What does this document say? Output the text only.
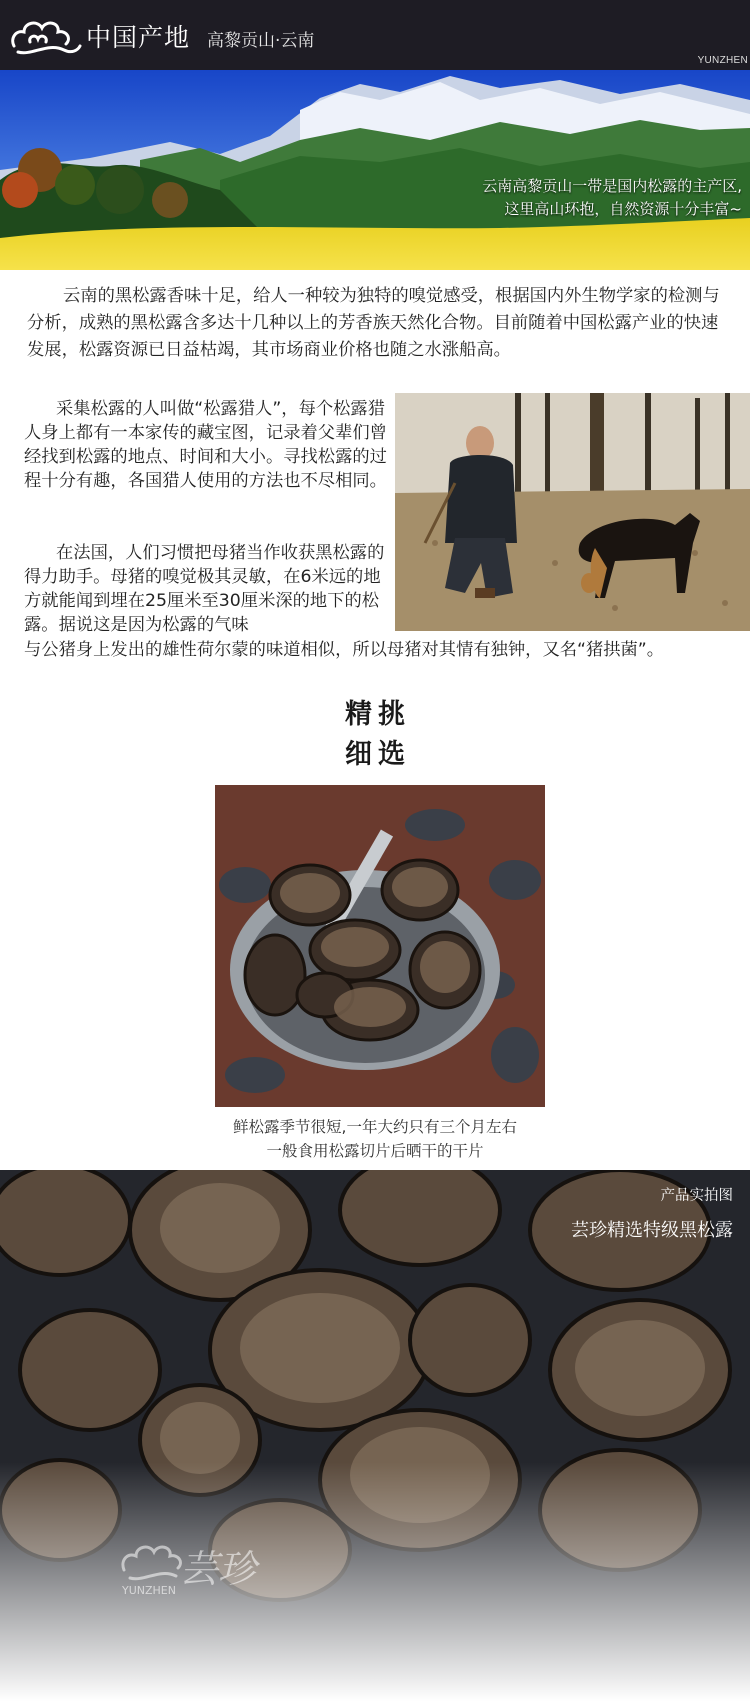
中国产地 高黎贡山·云南
YUNZHEN
云南高黎贡山一带是国内松露的主产区,
这里高山环抱，自然资源十分丰富~

云南的黑松露香味十足，给人一种较为独特的嗅觉感受，根据国内外生物学家的检测与分析，成熟的黑松露含多达十几种以上的芳香族天然化合物。目前随着中国松露产业的快速发展，松露资源已日益枯竭，其市场商业价格也随之水涨船高。

采集松露的人叫做“松露猎人”，每个松露猎人身上都有一本家传的藏宝图，记录着父辈们曾经找到松露的地点、时间和大小。寻找松露的过程十分有趣，各国猎人使用的方法也不尽相同。

在法国，人们习惯把母猪当作收获黑松露的得力助手。母猪的嗅觉极其灵敏，在6米远的地方就能闻到埋在25厘米至30厘米深的地下的松露。据说这是因为松露的气味

与公猪身上发出的雄性荷尔蒙的味道相似，所以母猪对其情有独钟，又名“猪拱菌”。
精挑
细选
鲜松露季节很短,一年大约只有三个月左右
一般食用松露切片后晒干的干片
产品实拍图
芸珍精选特级黑松露
芸珍
YUNZHEN
